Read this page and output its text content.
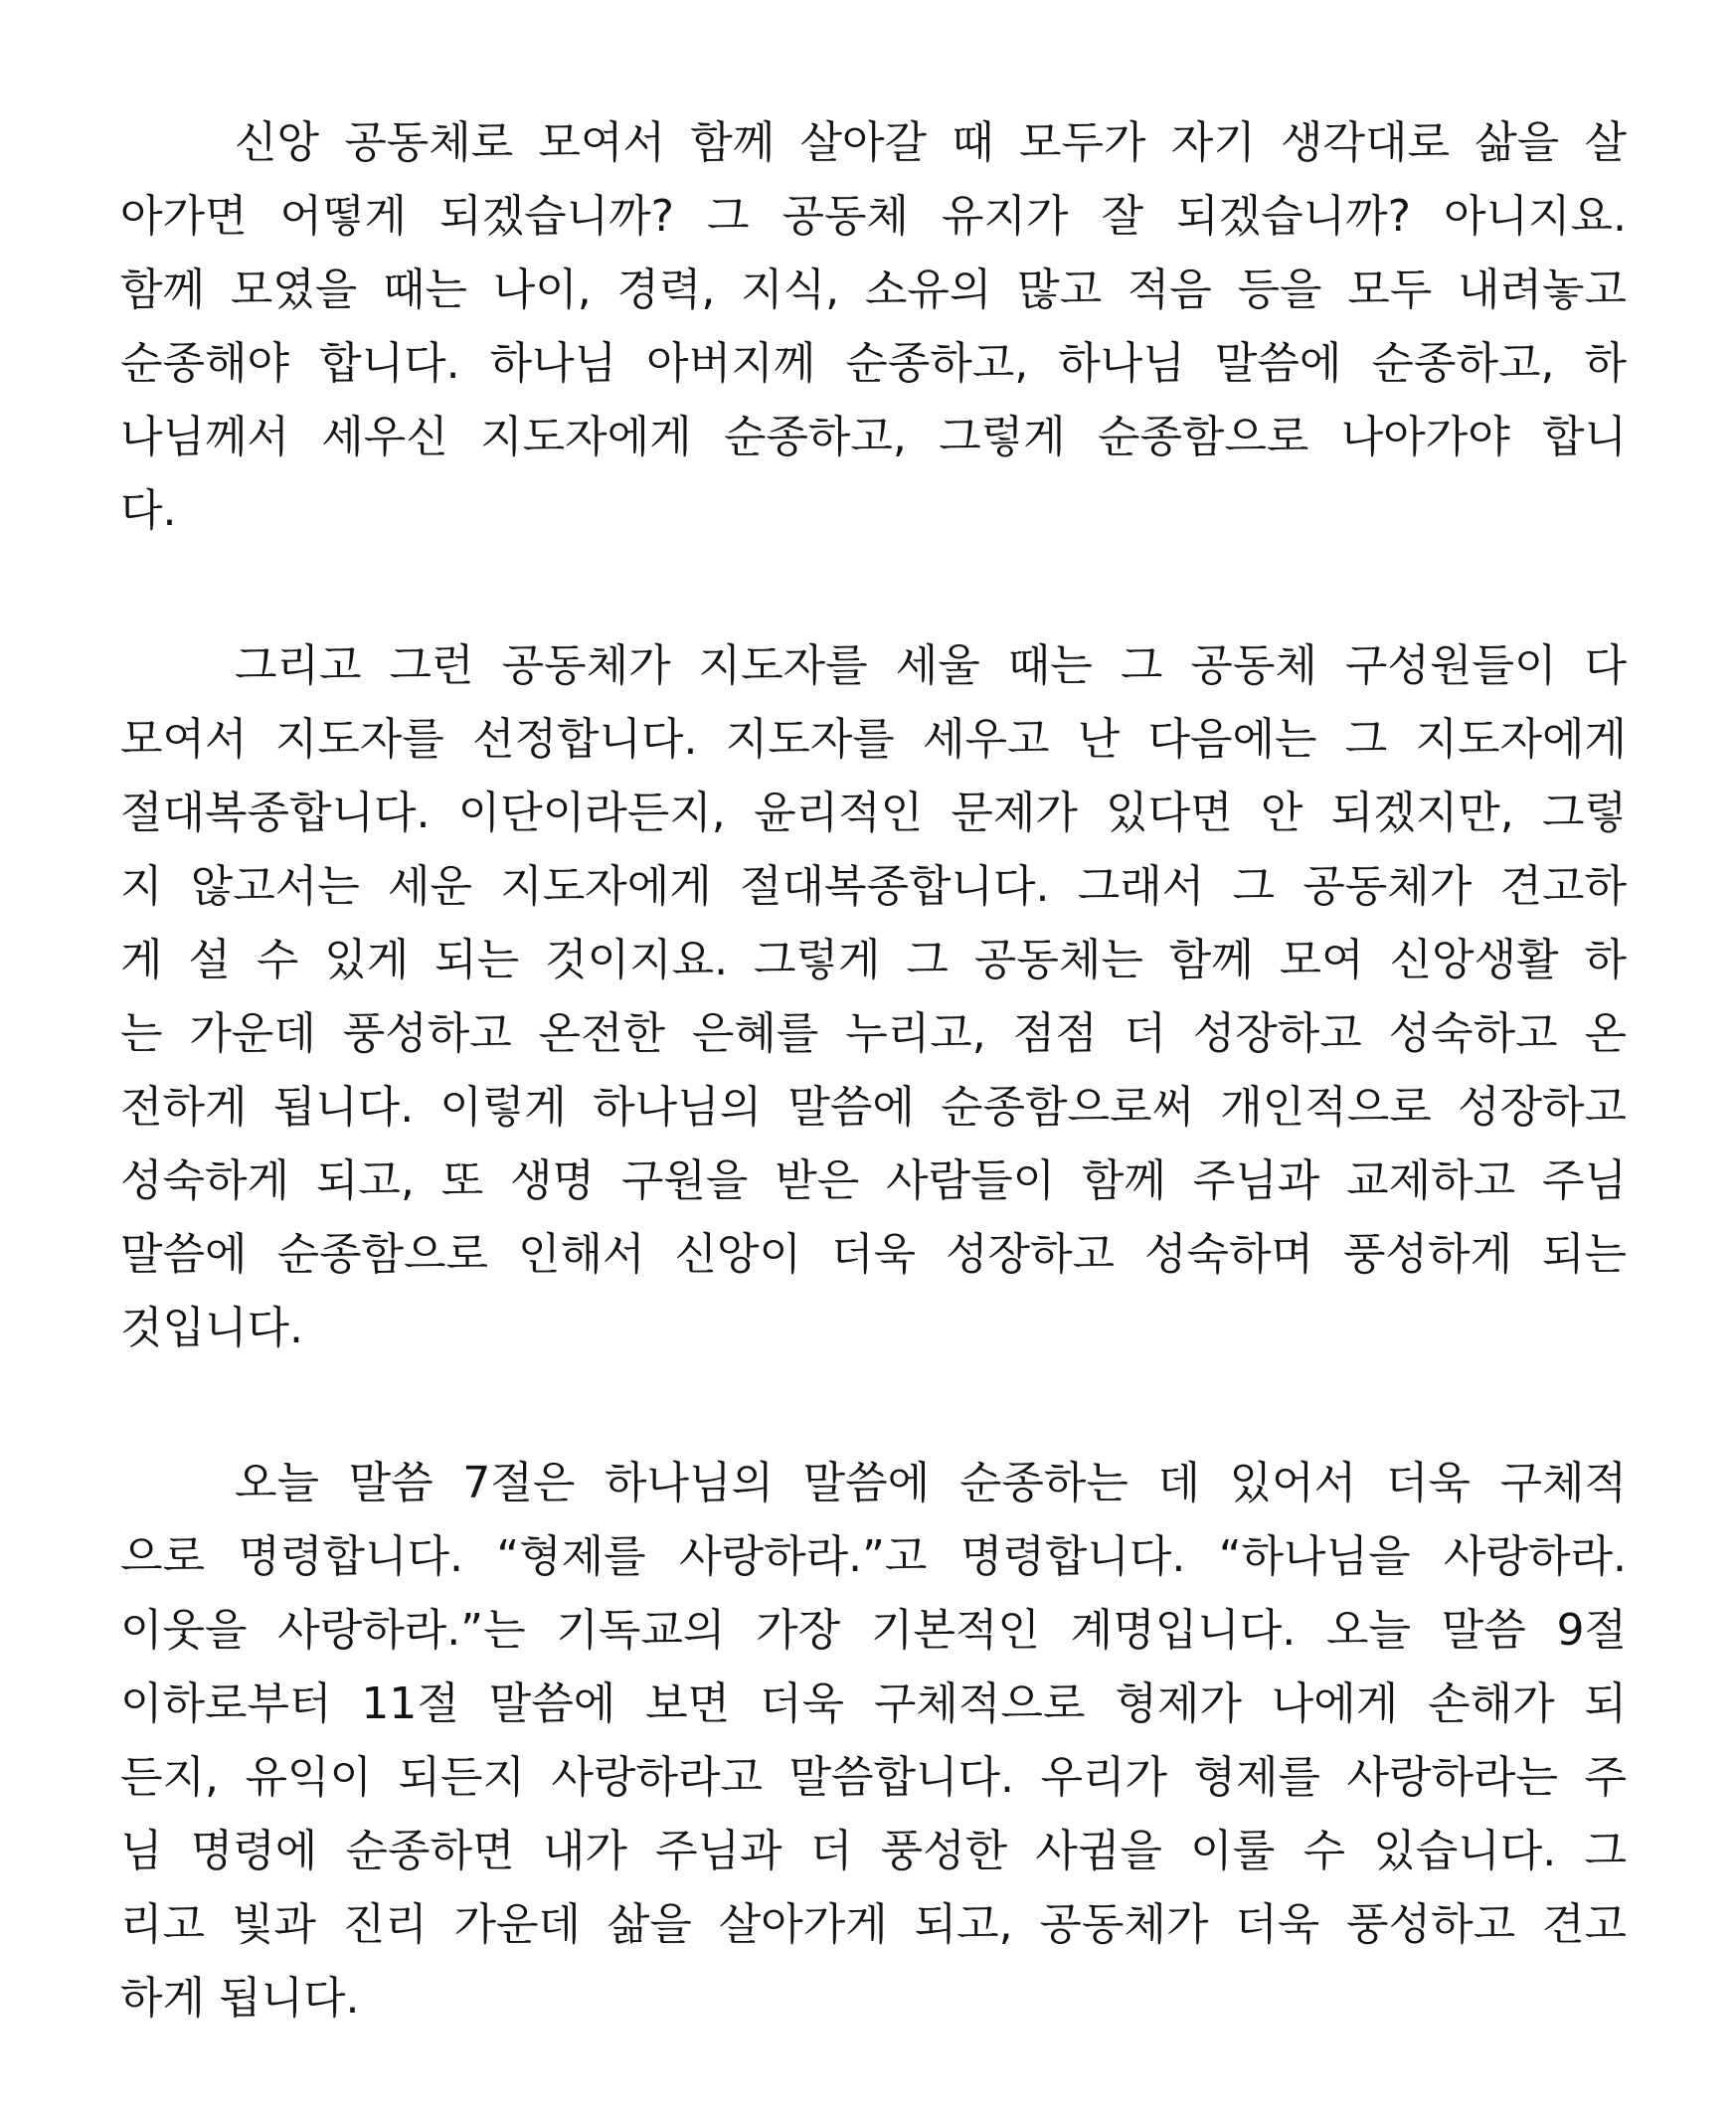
신앙 공동체로 모여서 함께 살아갈 때 모두가 자기 생각대로 삶을 살
아가면 어떻게 되겠습니까? 그 공동체 유지가 잘 되겠습니까? 아니지요.
함께 모였을 때는 나이, 경력, 지식, 소유의 많고 적음 등을 모두 내려놓고
순종해야 합니다. 하나님 아버지께 순종하고, 하나님 말씀에 순종하고, 하
나님께서 세우신 지도자에게 순종하고, 그렇게 순종함으로 나아가야 합니
다.
그리고 그런 공동체가 지도자를 세울 때는 그 공동체 구성원들이 다
모여서 지도자를 선정합니다. 지도자를 세우고 난 다음에는 그 지도자에게
절대복종합니다. 이단이라든지, 윤리적인 문제가 있다면 안 되겠지만, 그렇
지 않고서는 세운 지도자에게 절대복종합니다. 그래서 그 공동체가 견고하
게 설 수 있게 되는 것이지요. 그렇게 그 공동체는 함께 모여 신앙생활 하
는 가운데 풍성하고 온전한 은혜를 누리고, 점점 더 성장하고 성숙하고 온
전하게 됩니다. 이렇게 하나님의 말씀에 순종함으로써 개인적으로 성장하고
성숙하게 되고, 또 생명 구원을 받은 사람들이 함께 주님과 교제하고 주님
말씀에 순종함으로 인해서 신앙이 더욱 성장하고 성숙하며 풍성하게 되는
것입니다.
오늘 말씀 7절은 하나님의 말씀에 순종하는 데 있어서 더욱 구체적
으로 명령합니다. “형제를 사랑하라.”고 명령합니다. “하나님을 사랑하라.
이웃을 사랑하라.”는 기독교의 가장 기본적인 계명입니다. 오늘 말씀 9절
이하로부터 11절 말씀에 보면 더욱 구체적으로 형제가 나에게 손해가 되
든지, 유익이 되든지 사랑하라고 말씀합니다. 우리가 형제를 사랑하라는 주
님 명령에 순종하면 내가 주님과 더 풍성한 사귐을 이룰 수 있습니다. 그
리고 빛과 진리 가운데 삶을 살아가게 되고, 공동체가 더욱 풍성하고 견고
하게 됩니다.
